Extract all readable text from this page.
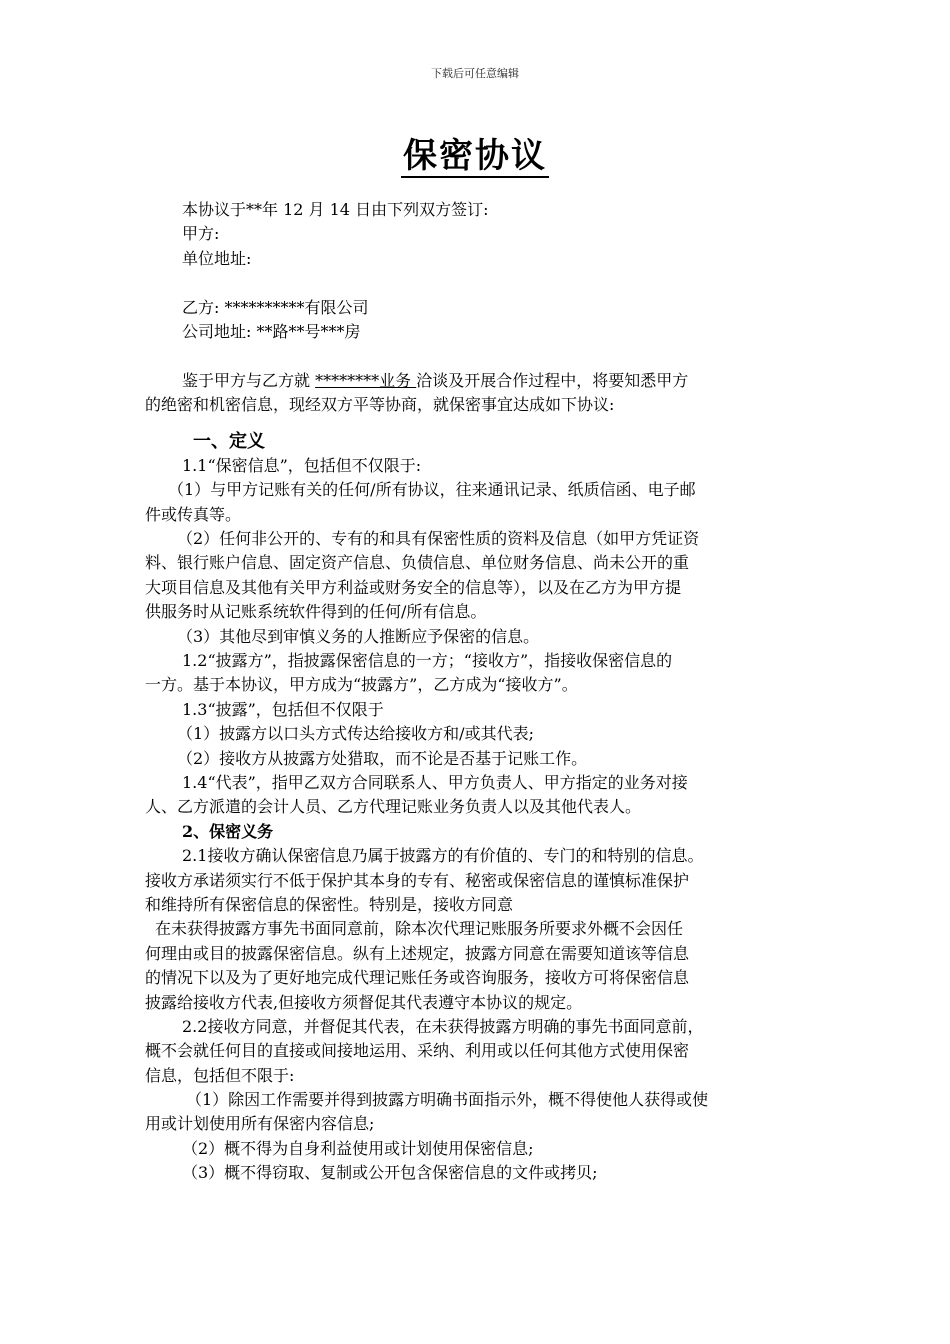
下载后可任意编辑
保密协议
本协议于**年 12 月 14 日由下列双方签订:
甲方:
单位地址:
乙方: **********有限公司
公司地址: **路**号***房
鉴于甲方与乙方就 ********业务 洽谈及开展合作过程中，将要知悉甲方
的绝密和机密信息，现经双方平等协商，就保密事宜达成如下协议:
一、定义
1.1“保密信息”，包括但不仅限于:
（1）与甲方记账有关的任何/所有协议，往来通讯记录、纸质信函、电子邮
件或传真等。
（2）任何非公开的、专有的和具有保密性质的资料及信息（如甲方凭证资
料、银行账户信息、固定资产信息、负债信息、单位财务信息、尚未公开的重
大项目信息及其他有关甲方利益或财务安全的信息等），以及在乙方为甲方提
供服务时从记账系统软件得到的任何/所有信息。
（3）其他尽到审慎义务的人推断应予保密的信息。
1.2“披露方”，指披露保密信息的一方；“接收方”，指接收保密信息的
一方。基于本协议，甲方成为“披露方”，乙方成为“接收方”。
1.3“披露”，包括但不仅限于
（1）披露方以口头方式传达给接收方和/或其代表;
（2）接收方从披露方处猎取，而不论是否基于记账工作。
1.4“代表”，指甲乙双方合同联系人、甲方负责人、甲方指定的业务对接
人、乙方派遣的会计人员、乙方代理记账业务负责人以及其他代表人。
2、保密义务
2.1接收方确认保密信息乃属于披露方的有价值的、专门的和特别的信息。
接收方承诺须实行不低于保护其本身的专有、秘密或保密信息的谨慎标准保护
和维持所有保密信息的保密性。特别是，接收方同意
在未获得披露方事先书面同意前，除本次代理记账服务所要求外概不会因任
何理由或目的披露保密信息。纵有上述规定，披露方同意在需要知道该等信息
的情况下以及为了更好地完成代理记账任务或咨询服务，接收方可将保密信息
披露给接收方代表,但接收方须督促其代表遵守本协议的规定。
2.2接收方同意，并督促其代表，在未获得披露方明确的事先书面同意前，
概不会就任何目的直接或间接地运用、采纳、利用或以任何其他方式使用保密
信息，包括但不限于:
（1）除因工作需要并得到披露方明确书面指示外，概不得使他人获得或使
用或计划使用所有保密内容信息;
（2）概不得为自身利益使用或计划使用保密信息;
（3）概不得窃取、复制或公开包含保密信息的文件或拷贝;
